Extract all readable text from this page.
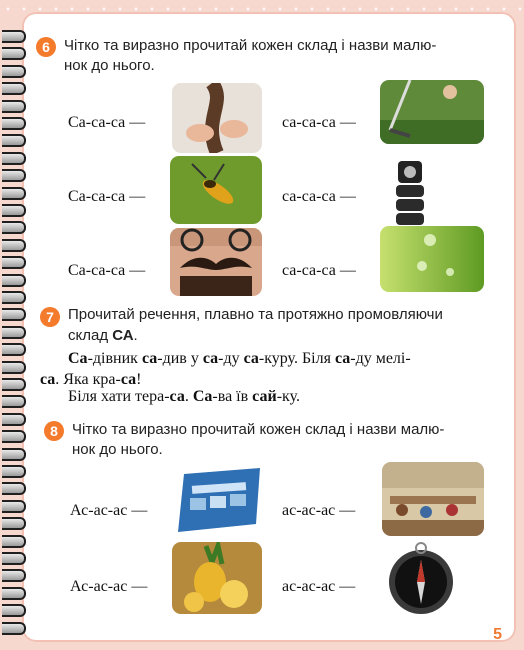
6 Чітко та виразно прочитай кожен склад і назви малю-
нок до нього.
Са-са-са —	са-са-са —
Са-са-са —	са-са-са —
Са-са-са —	са-са-са —
7 Прочитай речення, плавно та протяжно промовляючи
склад СА.
Са-дівник са-див у са-ду са-куру. Біля са-ду мелі-
са. Яка кра-са!
Біля хати тера-са. Са-ва їв сай-ку.
8 Чітко та виразно прочитай кожен склад і назви малю-
нок до нього.
Ас-ас-ас —	ас-ас-ас —
Ас-ас-ас —	ас-ас-ас —
5
